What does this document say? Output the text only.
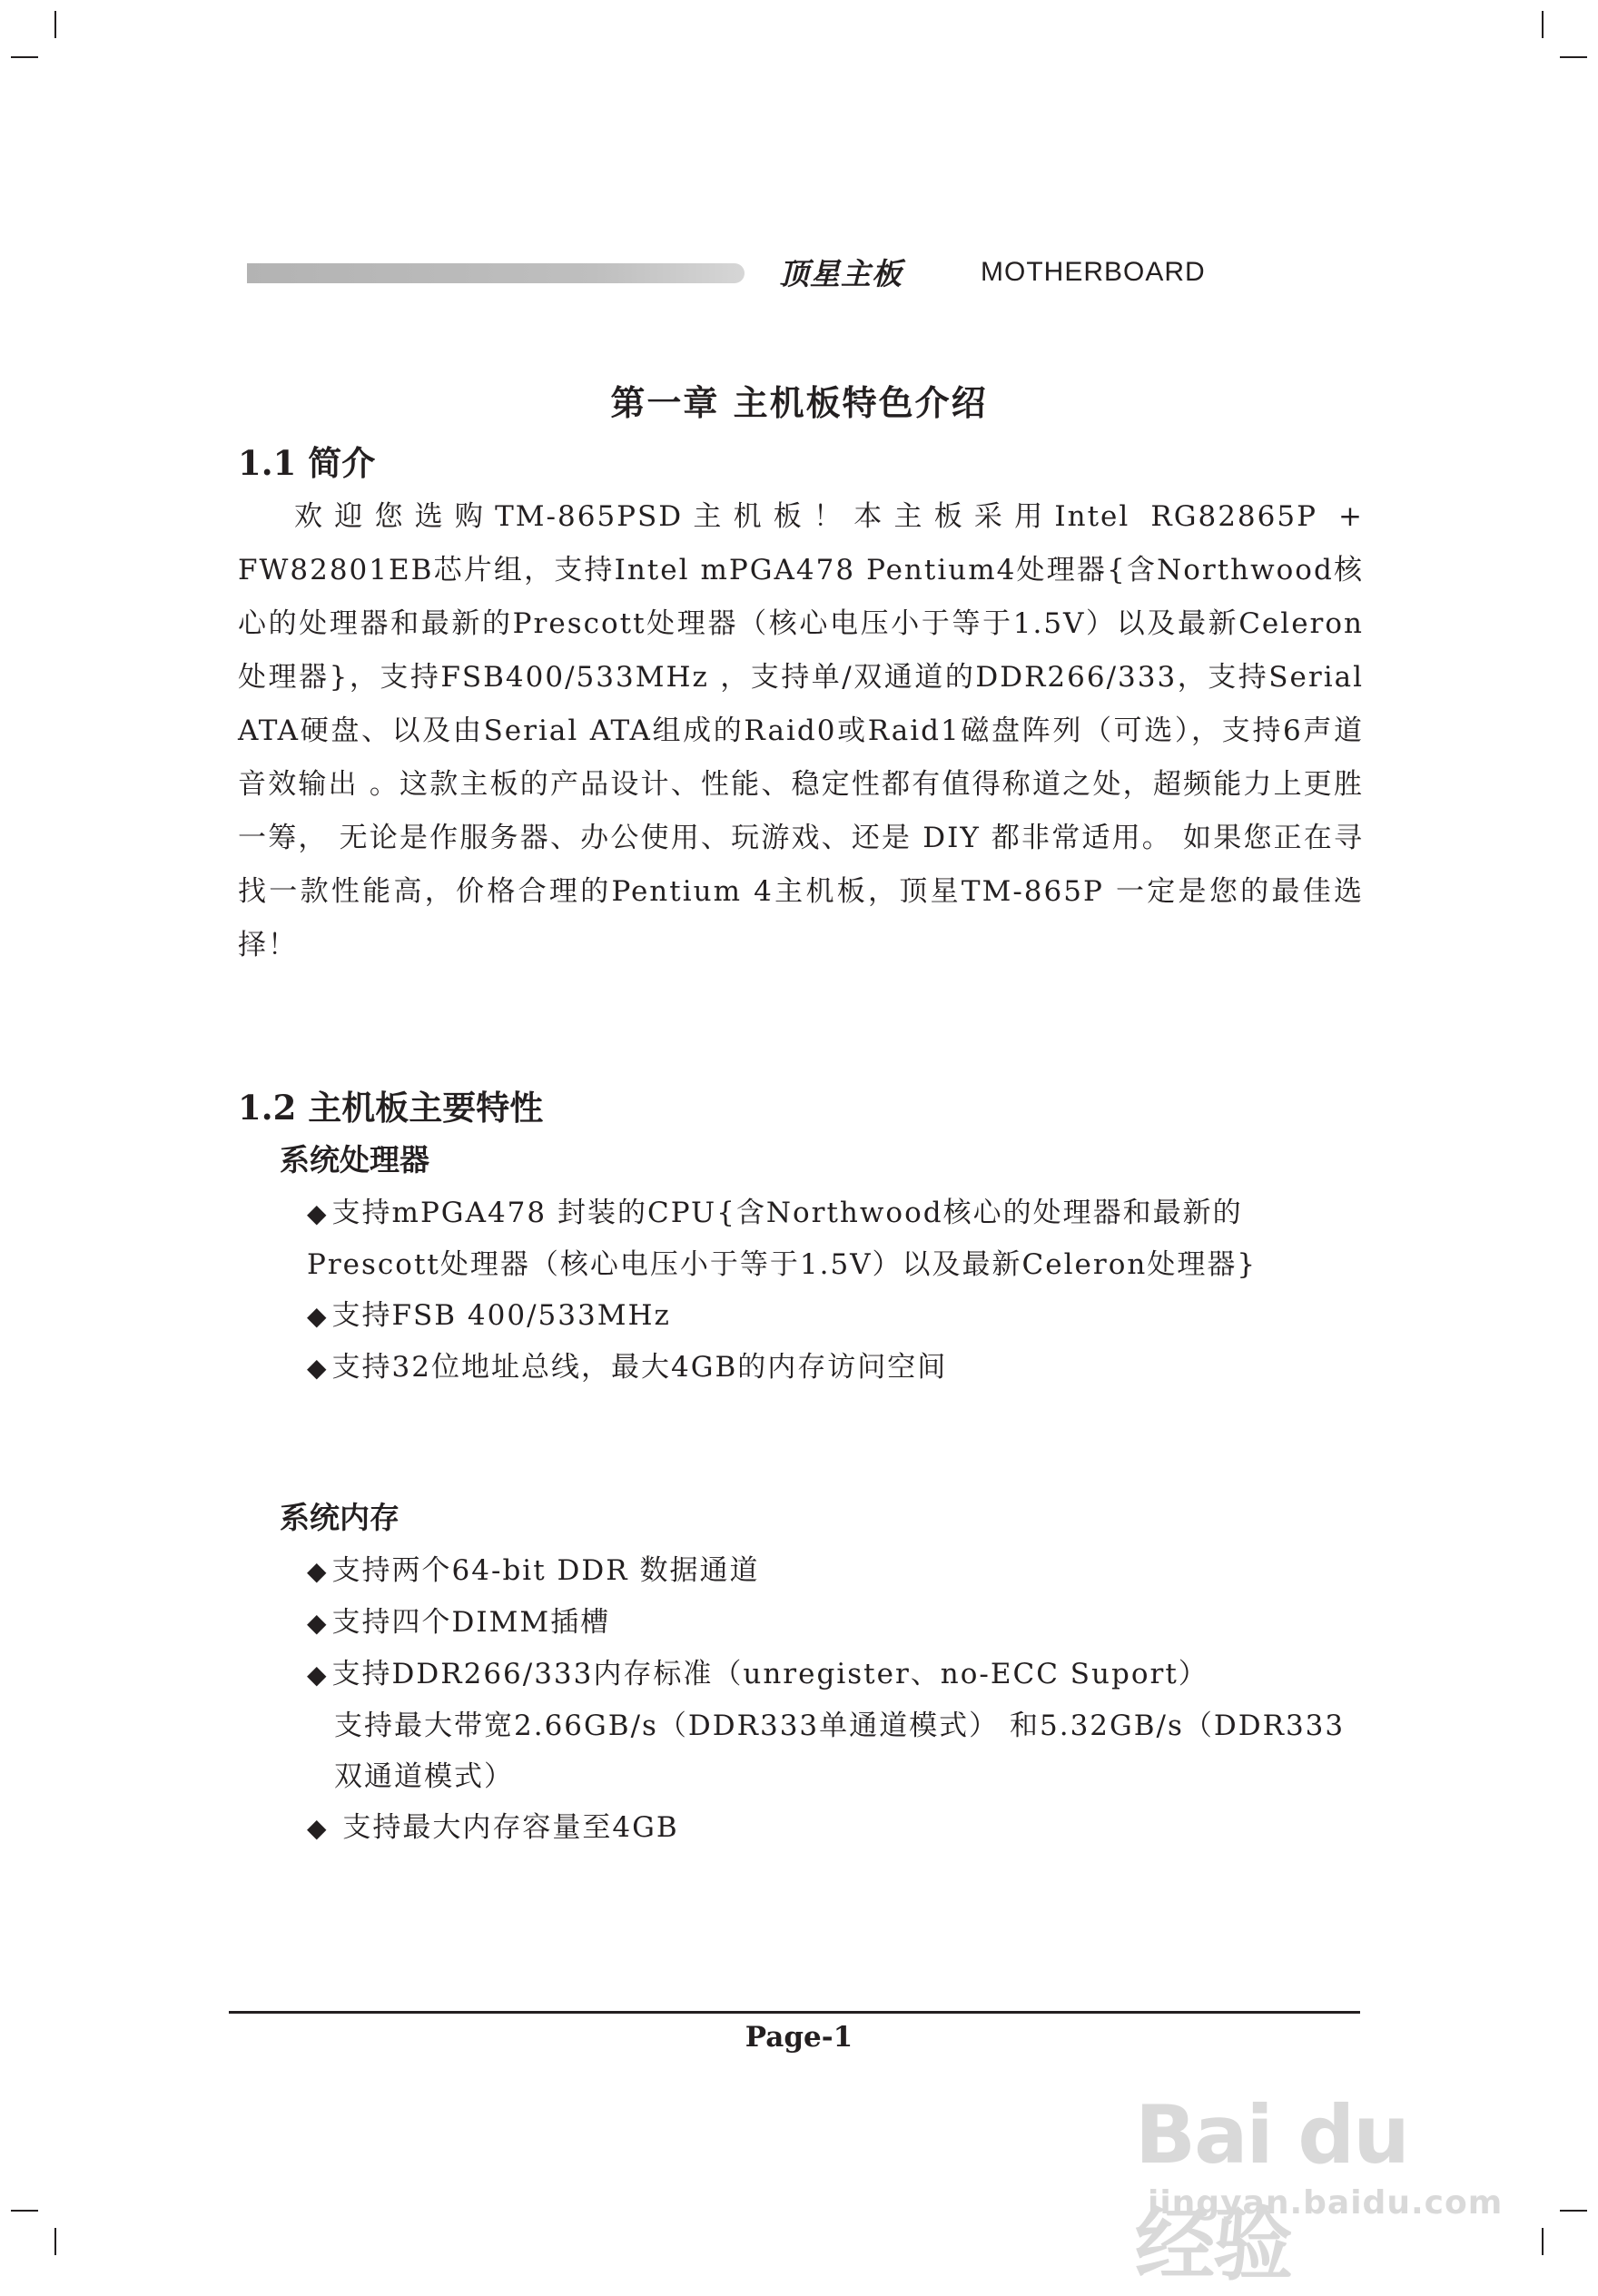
顶星主板	MOTHERBOARD
第一章 主机板特色介绍
1.1 简介

欢迎您选购TM-865PSD主机板！本主板采用Intel RG82865P + FW82801EB芯片组，支持Intel mPGA478 Pentium4处理器{含Northwood核心的处理器和最新的Prescott处理器（核心电压小于等于1.5V）以及最新Celeron处理器}，支持FSB400/533MHz ，支持单/双通道的DDR266/333，支持Serial ATA硬盘、以及由Serial ATA组成的Raid0或Raid1磁盘阵列（可选），支持6声道音效输出 。这款主板的产品设计、性能、稳定性都有值得称道之处，超频能力上更胜一筹， 无论是作服务器、办公使用、玩游戏、还是 DIY 都非常适用。 如果您正在寻找一款性能高，价格合理的Pentium 4主机板，顶星TM-865P 一定是您的最佳选择！

1.2 主机板主要特性
系统处理器
◆ 支持mPGA478 封装的CPU{含Northwood核心的处理器和最新的Prescott处理器（核心电压小于等于1.5V）以及最新Celeron处理器}
◆ 支持FSB 400/533MHz
◆ 支持32位地址总线，最大4GB的内存访问空间
系统内存
◆ 支持两个64-bit DDR 数据通道
◆ 支持四个DIMM插槽
◆ 支持DDR266/333内存标准（unregister、no-ECC Suport）
支持最大带宽2.66GB/s（DDR333单通道模式） 和5.32GB/s（DDR333双通道模式）
◆ 支持最大内存容量至4GB
Page-1
Bai du 经验
jingyan.baidu.com
